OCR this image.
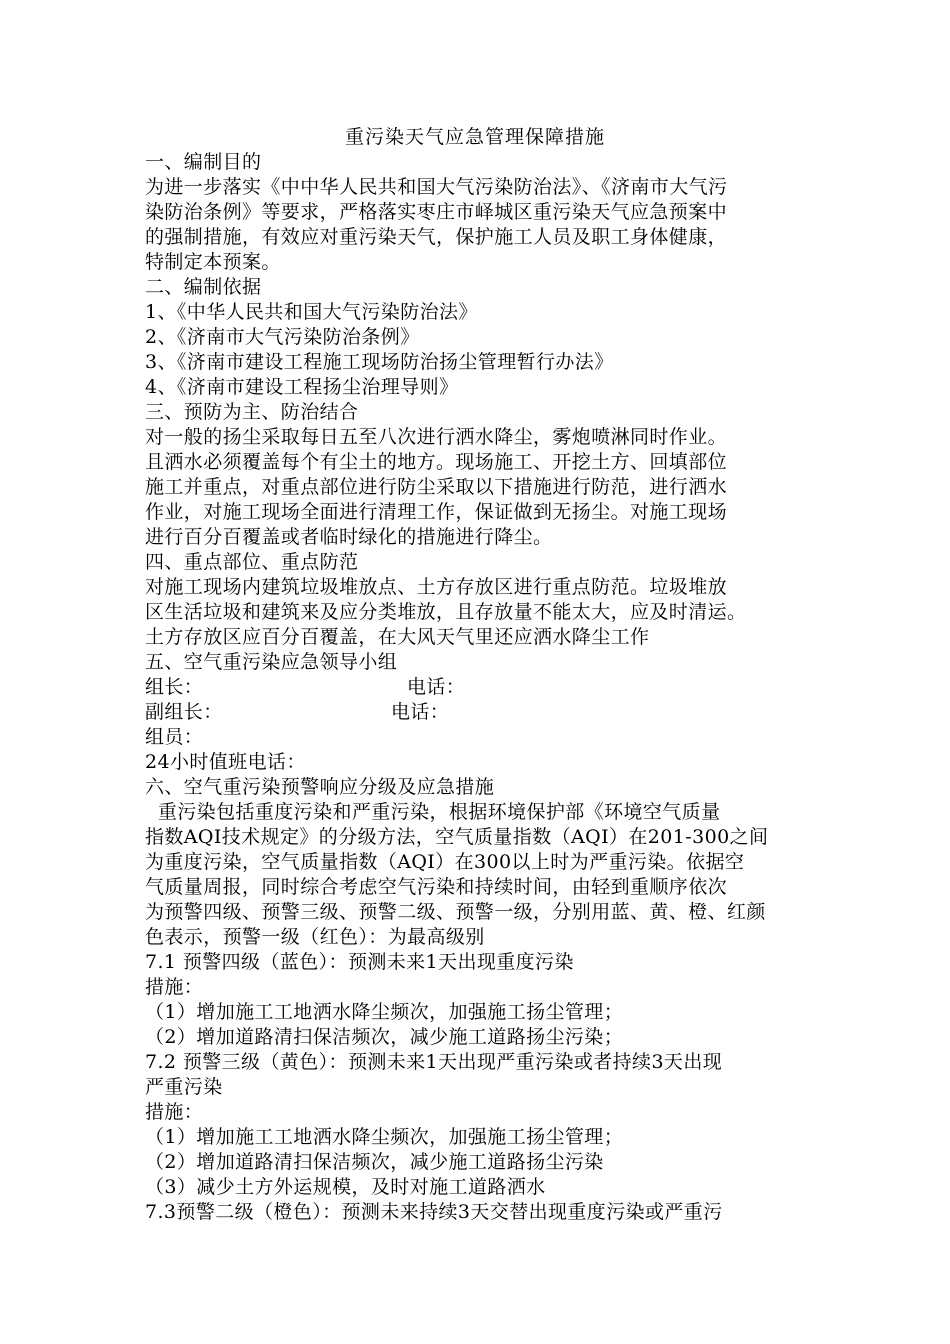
重污染天气应急管理保障措施
一、编制目的
为进一步落实《中中华人民共和国大气污染防治法》、《济南市大气污
染防治条例》等要求，严格落实枣庄市峄城区重污染天气应急预案中
的强制措施，有效应对重污染天气，保护施工人员及职工身体健康，
特制定本预案。
二、编制依据
1、《中华人民共和国大气污染防治法》
2、《济南市大气污染防治条例》
3、《济南市建设工程施工现场防治扬尘管理暂行办法》
4、《济南市建设工程扬尘治理导则》
三、预防为主、防治结合
对一般的扬尘采取每日五至八次进行洒水降尘，雾炮喷淋同时作业。
且洒水必须覆盖每个有尘土的地方。现场施工、开挖土方、回填部位
施工并重点，对重点部位进行防尘采取以下措施进行防范，进行洒水
作业，对施工现场全面进行清理工作，保证做到无扬尘。对施工现场
进行百分百覆盖或者临时绿化的措施进行降尘。
四、重点部位、重点防范
对施工现场内建筑垃圾堆放点、土方存放区进行重点防范。垃圾堆放
区生活垃圾和建筑来及应分类堆放，且存放量不能太大，应及时清运。
土方存放区应百分百覆盖，在大风天气里还应洒水降尘工作
五、空气重污染应急领导小组
组长：	电话：
副组长：	电话：
组员：
24小时值班电话：
六、空气重污染预警响应分级及应急措施
重污染包括重度污染和严重污染，根据环境保护部《环境空气质量
指数AQI技术规定》的分级方法，空气质量指数（AQI）在201-300之间
为重度污染，空气质量指数（AQI）在300以上时为严重污染。依据空
气质量周报，同时综合考虑空气污染和持续时间，由轻到重顺序依次
为预警四级、预警三级、预警二级、预警一级，分别用蓝、黄、橙、红颜
色表示，预警一级（红色）：为最高级别
7.1 预警四级（蓝色）：预测未来1天出现重度污染
措施：
（1）增加施工工地洒水降尘频次，加强施工扬尘管理；
（2）增加道路清扫保洁频次，减少施工道路扬尘污染；
7.2 预警三级（黄色）：预测未来1天出现严重污染或者持续3天出现
严重污染
措施：
（1）增加施工工地洒水降尘频次，加强施工扬尘管理；
（2）增加道路清扫保洁频次，减少施工道路扬尘污染
（3）减少土方外运规模，及时对施工道路洒水
7.3预警二级（橙色）：预测未来持续3天交替出现重度污染或严重污
